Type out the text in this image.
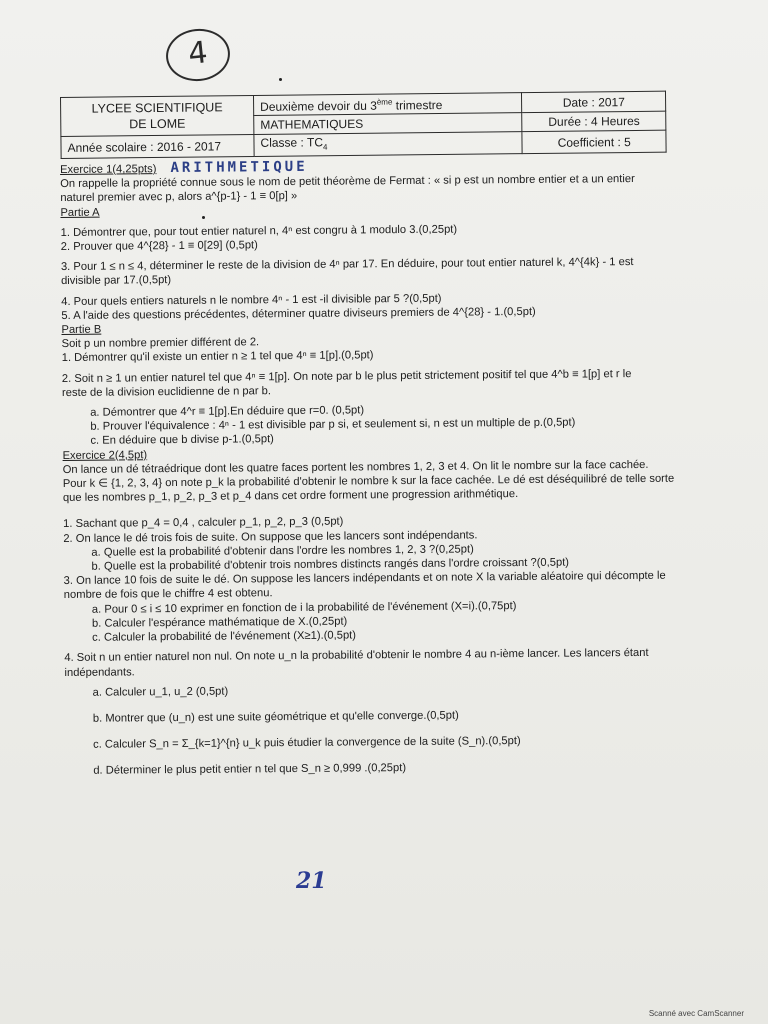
4
LYCEE SCIENTIFIQUE
DE LOME	Deuxième devoir du 3ème trimestre	Date : 2017
	MATHEMATIQUES	Durée : 4 Heures
Année scolaire : 2016 - 2017	Classe : $TC_4$	Coefficient : 5

Exercice 1(4,25pts) ARITHMETIQUE

On rappelle la propriété connue sous le nom de petit théorème de Fermat : « si p est un nombre entier et a un entier

naturel premier avec p, alors a^{p-1} - 1 ≡ 0[p] »

Partie A

1. Démontrer que, pour tout entier naturel n, 4ⁿ est congru à 1 modulo 3.(0,25pt)

2. Prouver que 4^{28} - 1 ≡ 0[29] (0,5pt)

3. Pour 1 ≤ n ≤ 4, déterminer le reste de la division de 4ⁿ par 17. En déduire, pour tout entier naturel k, 4^{4k} - 1 est

divisible par 17.(0,5pt)

4. Pour quels entiers naturels n le nombre 4ⁿ - 1 est -il divisible par 5 ?(0,5pt)

5. A l'aide des questions précédentes, déterminer quatre diviseurs premiers de 4^{28} - 1.(0,5pt)

Partie B

Soit p un nombre premier différent de 2.

1. Démontrer qu'il existe un entier n ≥ 1 tel que 4ⁿ ≡ 1[p].(0,5pt)

2. Soit n ≥ 1 un entier naturel tel que 4ⁿ ≡ 1[p]. On note par b le plus petit strictement positif tel que 4^b ≡ 1[p] et r le

reste de la division euclidienne de n par b.

a. Démontrer que 4^r ≡ 1[p].En déduire que r=0. (0,5pt)

b. Prouver l'équivalence : 4ⁿ - 1 est divisible par p si, et seulement si, n est un multiple de p.(0,5pt)

c. En déduire que b divise p-1.(0,5pt)

Exercice 2(4,5pt)

On lance un dé tétraédrique dont les quatre faces portent les nombres 1, 2, 3 et 4. On lit le nombre sur la face cachée.

Pour k ∈ {1, 2, 3, 4} on note p_k la probabilité d'obtenir le nombre k sur la face cachée. Le dé est déséquilibré de telle sorte

que les nombres p_1, p_2, p_3 et p_4 dans cet ordre forment une progression arithmétique.

1. Sachant que p_4 = 0,4 , calculer p_1, p_2, p_3 (0,5pt)

2. On lance le dé trois fois de suite. On suppose que les lancers sont indépendants.

a. Quelle est la probabilité d'obtenir dans l'ordre les nombres 1, 2, 3 ?(0,25pt)

b. Quelle est la probabilité d'obtenir trois nombres distincts rangés dans l'ordre croissant ?(0,5pt)

3. On lance 10 fois de suite le dé. On suppose les lancers indépendants et on note X la variable aléatoire qui décompte le

nombre de fois que le chiffre 4 est obtenu.

a. Pour 0 ≤ i ≤ 10 exprimer en fonction de i la probabilité de l'événement (X=i).(0,75pt)

b. Calculer l'espérance mathématique de X.(0,25pt)

c. Calculer la probabilité de l'événement (X≥1).(0,5pt)

4. Soit n un entier naturel non nul. On note u_n la probabilité d'obtenir le nombre 4 au n-ième lancer. Les lancers étant

indépendants.

a. Calculer u_1, u_2 (0,5pt)

b. Montrer que (u_n) est une suite géométrique et qu'elle converge.(0,5pt)

c. Calculer S_n = Σ_{k=1}^{n} u_k puis étudier la convergence de la suite (S_n).(0,5pt)

d. Déterminer le plus petit entier n tel que S_n ≥ 0,999 .(0,25pt)

21
Scanné avec CamScanner
